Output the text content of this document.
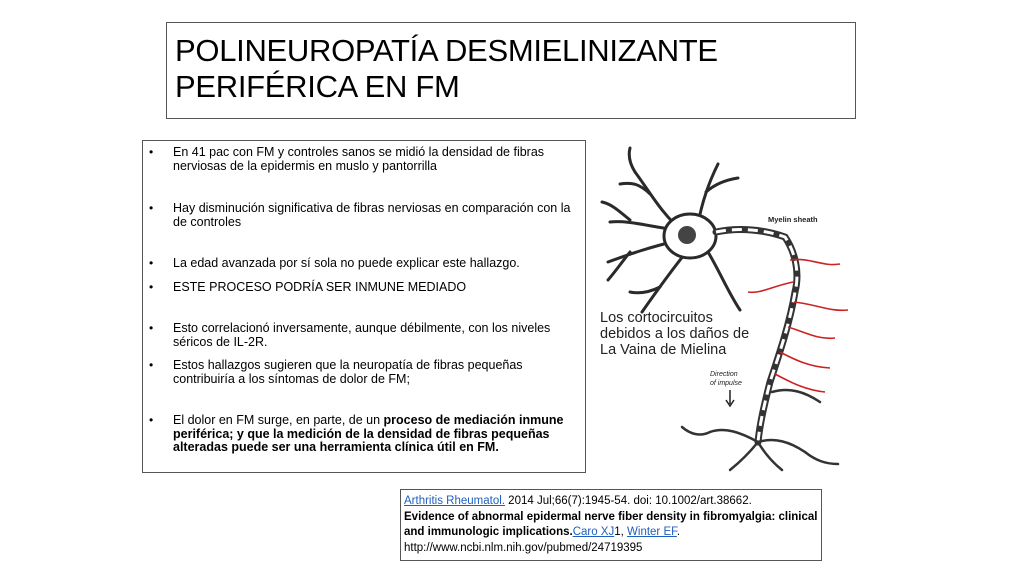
POLINEUROPATÍA DESMIELINIZANTE PERIFÉRICA EN FM
• En 41 pac con FM y controles sanos se midió la densidad de fibras nerviosas de la epidermis en muslo y pantorrilla
• Hay disminución significativa de fibras nerviosas en comparación con la de controles
• La edad avanzada por sí sola no puede explicar este hallazgo.
• ESTE PROCESO PODRÍA SER INMUNE MEDIADO
• Esto correlacionó inversamente, aunque débilmente, con los niveles séricos de IL-2R.
• Estos hallazgos sugieren que la neuropatía de fibras pequeñas contribuiría a los síntomas de dolor de FM;
• El dolor en FM surge, en parte, de un proceso de mediación inmune periférica; y que la medición de la densidad de fibras pequeñas alteradas puede ser una herramienta clínica útil en FM.
Myelin sheath
Direction
of impulse
Los cortocircuitos
debidos a los daños de
La Vaina de Mielina
Arthritis Rheumatol. 2014 Jul;66(7):1945-54. doi: 10.1002/art.38662.
Evidence of abnormal epidermal nerve fiber density in fibromyalgia: clinical and immunologic implications.Caro XJ1, Winter EF.
http://www.ncbi.nlm.nih.gov/pubmed/24719395
